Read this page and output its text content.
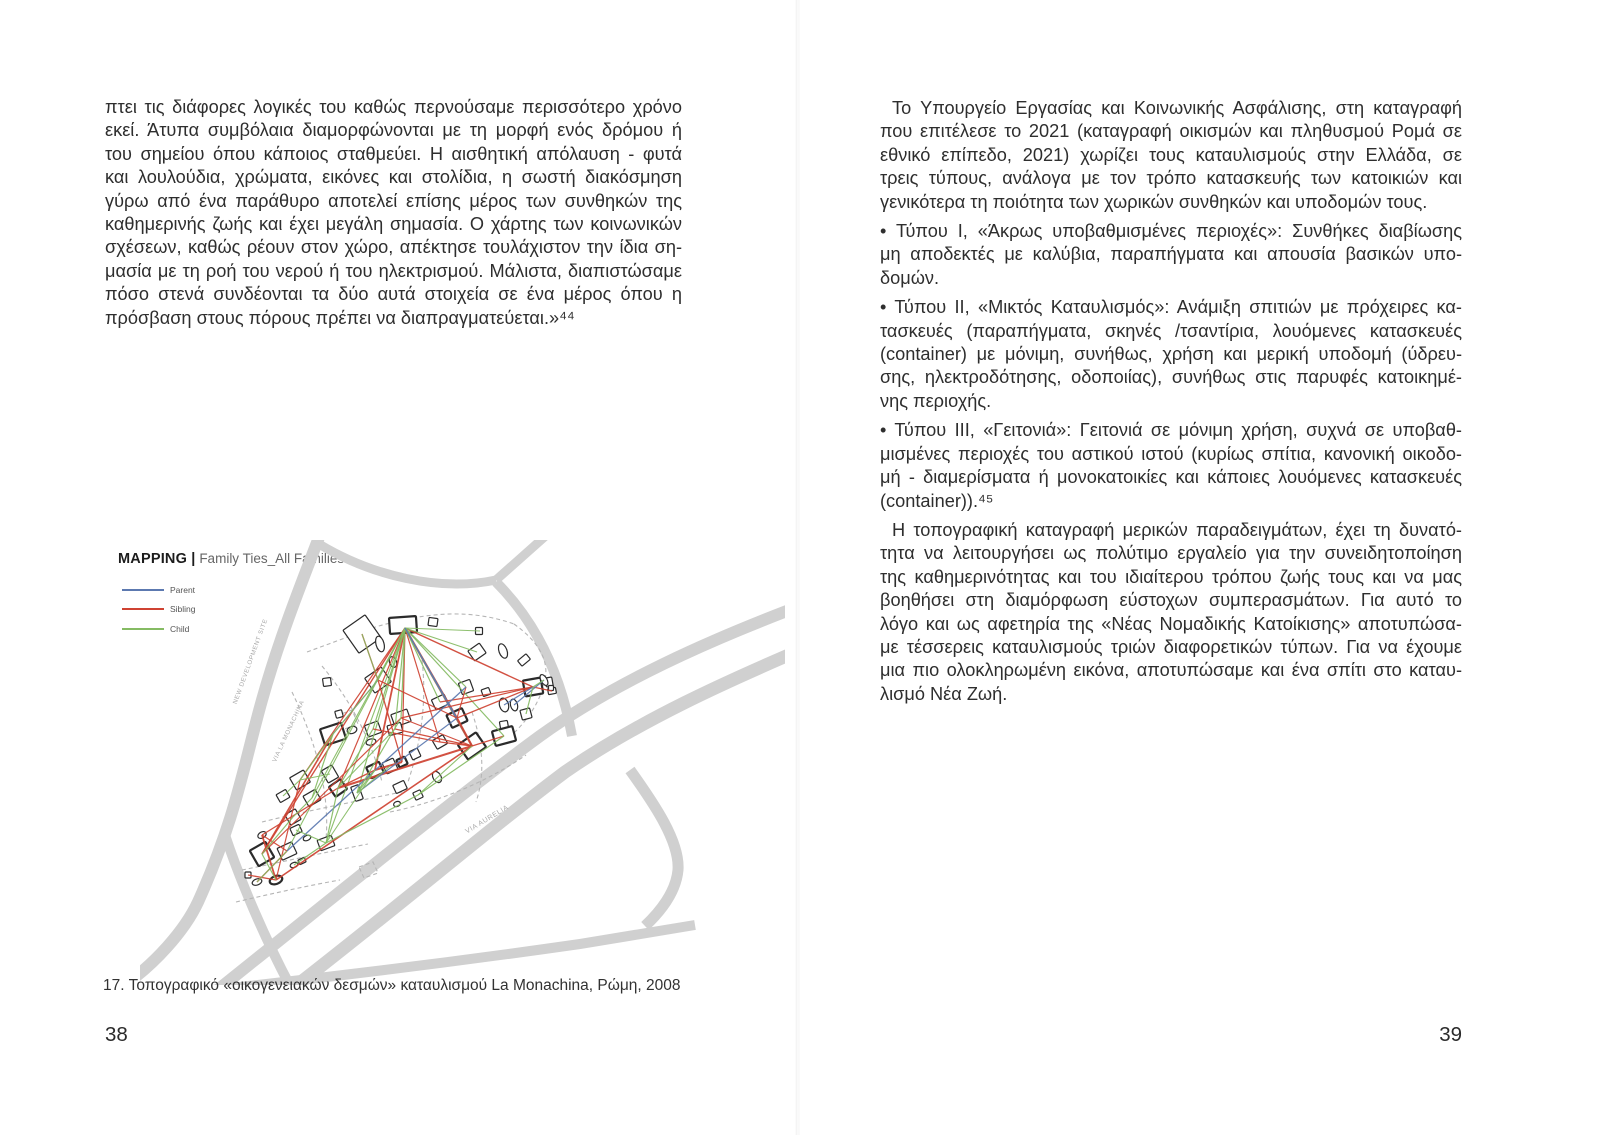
πτει τις διάφορες λογικές του καθώς περνούσαμε περισσότερο χρόνο
εκεί. Άτυπα συμβόλαια διαμορφώνονται με τη μορφή ενός δρόμου ή
του σημείου όπου κάποιος σταθμεύει. Η αισθητική απόλαυση - φυτά
και λουλούδια, χρώματα, εικόνες και στολίδια, η σωστή διακόσμηση
γύρω από ένα παράθυρο αποτελεί επίσης μέρος των συνθηκών της
καθημερινής ζωής και έχει μεγάλη σημασία. Ο χάρτης των κοινωνικών
σχέσεων, καθώς ρέουν στον χώρο, απέκτησε τουλάχιστον την ίδια ση-
μασία με τη ροή του νερού ή του ηλεκτρισμού. Μάλιστα, διαπιστώσαμε
πόσο στενά συνδέονται τα δύο αυτά στοιχεία σε ένα μέρος όπου η
πρόσβαση στους πόρους πρέπει να διαπραγματεύεται.»⁴⁴
MAPPING | Family Ties_All Families
Parent
Sibling
Child	NEW DEVELOPMENT SITE
VIA LA MONACHINA
VIA AURELIA
17. Τοπογραφικό «οικογενειακών δεσμών» καταυλισμού La Monachina, Ρώμη, 2008
38
Το Υπουργείο Εργασίας και Κοινωνικής Ασφάλισης, στη καταγραφή
που επιτέλεσε το 2021 (καταγραφή οικισμών και πληθυσμού Ρομά σε
εθνικό επίπεδο, 2021) χωρίζει τους καταυλισμούς στην Ελλάδα, σε
τρεις τύπους, ανάλογα με τον τρόπο κατασκευής των κατοικιών και
γενικότερα τη ποιότητα των χωρικών συνθηκών και υποδομών τους.
• Τύπου I, «Άκρως υποβαθμισμένες περιοχές»: Συνθήκες διαβίωσης
μη αποδεκτές με καλύβια, παραπήγματα και απουσία βασικών υπο-
δομών.
• Τύπου II, «Μικτός Καταυλισμός»: Ανάμιξη σπιτιών με πρόχειρες κα-
τασκευές (παραπήγματα, σκηνές /τσαντίρια, λουόμενες κατασκευές
(container) με μόνιμη, συνήθως, χρήση και μερική υποδομή (ύδρευ-
σης, ηλεκτροδότησης, οδοποιίας), συνήθως στις παρυφές κατοικημέ-
νης περιοχής.
• Τύπου III, «Γειτονιά»: Γειτονιά σε μόνιμη χρήση, συχνά σε υποβαθ-
μισμένες περιοχές του αστικού ιστού (κυρίως σπίτια, κανονική οικοδο-
μή - διαμερίσματα ή μονοκατοικίες και κάποιες λουόμενες κατασκευές
(container)).⁴⁵
Η τοπογραφική καταγραφή μερικών παραδειγμάτων, έχει τη δυνατό-
τητα να λειτουργήσει ως πολύτιμο εργαλείο για την συνειδητοποίηση
της καθημερινότητας και του ιδιαίτερου τρόπου ζωής τους και να μας
βοηθήσει στη διαμόρφωση εύστοχων συμπερασμάτων. Για αυτό το
λόγο και ως αφετηρία της «Νέας Νομαδικής Κατοίκισης» αποτυπώσα-
με τέσσερεις καταυλισμούς τριών διαφορετικών τύπων. Για να έχουμε
μια πιο ολοκληρωμένη εικόνα, αποτυπώσαμε και ένα σπίτι στο καταυ-
λισμό Νέα Ζωή.
39
